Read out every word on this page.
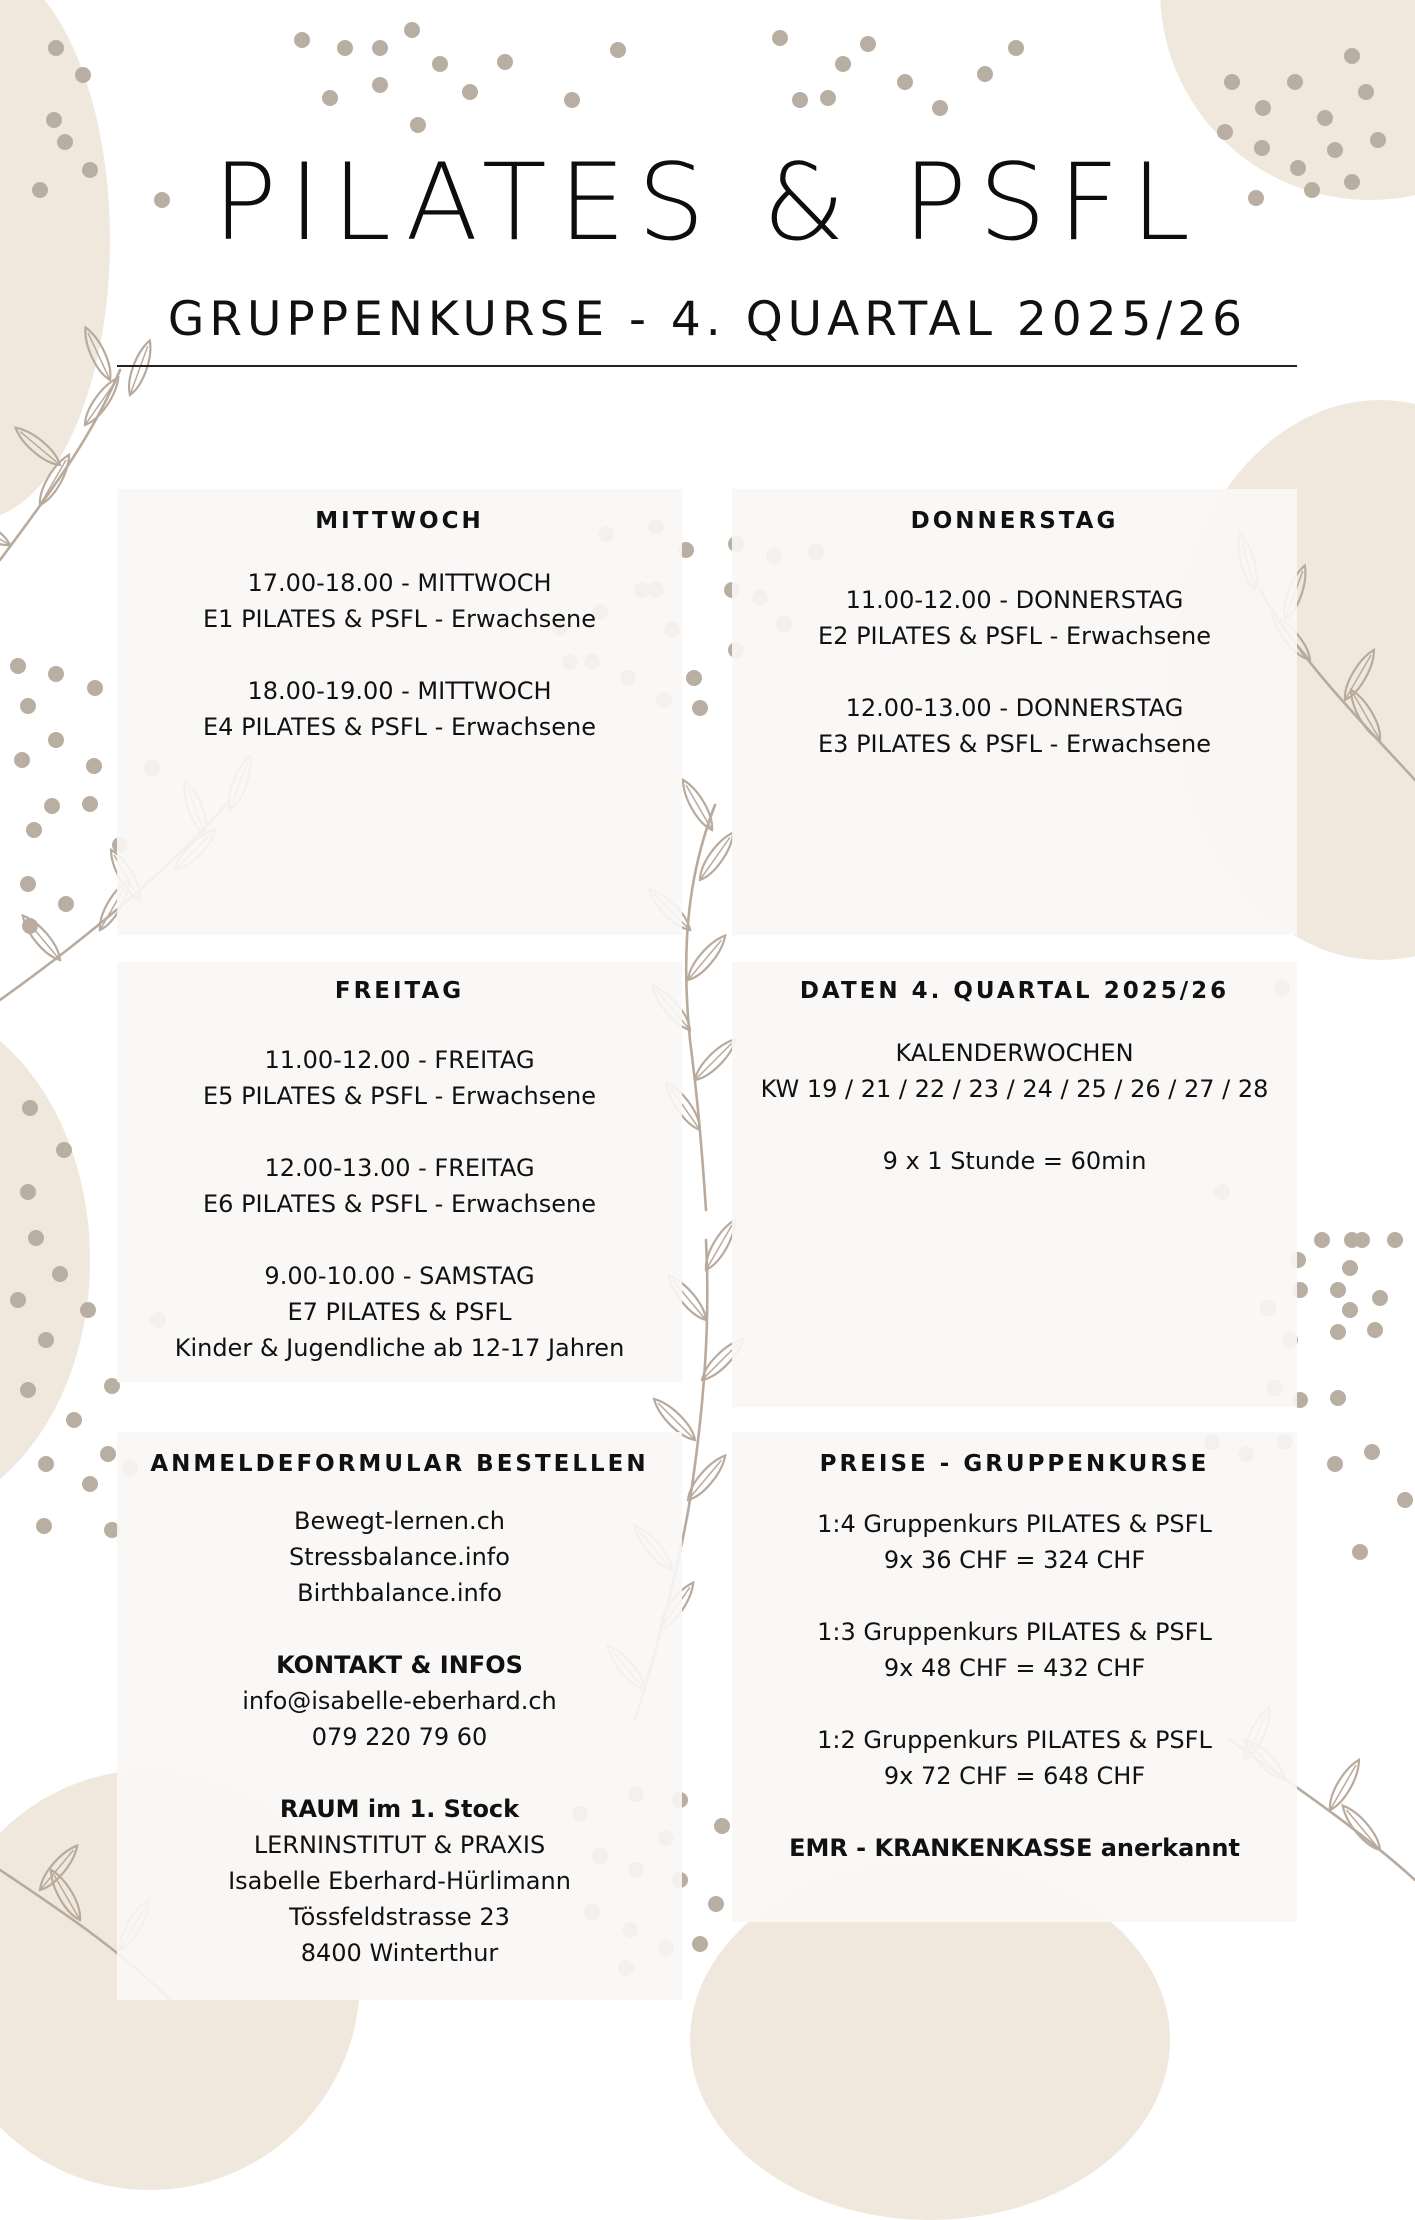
PILATES & PSFL
GRUPPENKURSE - 4. QUARTAL 2025/26
MITTWOCH
17.00-18.00 - MITTWOCH
E1 PILATES & PSFL - Erwachsene
18.00-19.00 - MITTWOCH
E4 PILATES & PSFL - Erwachsene
DONNERSTAG
11.00-12.00 - DONNERSTAG
E2 PILATES & PSFL - Erwachsene
12.00-13.00 - DONNERSTAG
E3 PILATES & PSFL - Erwachsene
FREITAG
11.00-12.00 - FREITAG
E5 PILATES & PSFL - Erwachsene
12.00-13.00 - FREITAG
E6 PILATES & PSFL - Erwachsene
9.00-10.00 - SAMSTAG
E7 PILATES & PSFL
Kinder & Jugendliche ab 12-17 Jahren
DATEN 4. QUARTAL 2025/26
KALENDERWOCHEN
KW 19 / 21 / 22 / 23 / 24 / 25 / 26 / 27 / 28
9 x 1 Stunde = 60min
ANMELDEFORMULAR BESTELLEN
Bewegt-lernen.ch
Stressbalance.info
Birthbalance.info
KONTAKT & INFOS
info@isabelle-eberhard.ch
079 220 79 60
RAUM im 1. Stock
LERNINSTITUT & PRAXIS
Isabelle Eberhard-Hürlimann
Tössfeldstrasse 23
8400 Winterthur
PREISE - GRUPPENKURSE
1:4 Gruppenkurs PILATES & PSFL
9x 36 CHF = 324 CHF
1:3 Gruppenkurs PILATES & PSFL
9x 48 CHF = 432 CHF
1:2 Gruppenkurs PILATES & PSFL
9x 72 CHF = 648 CHF
EMR - KRANKENKASSE anerkannt
